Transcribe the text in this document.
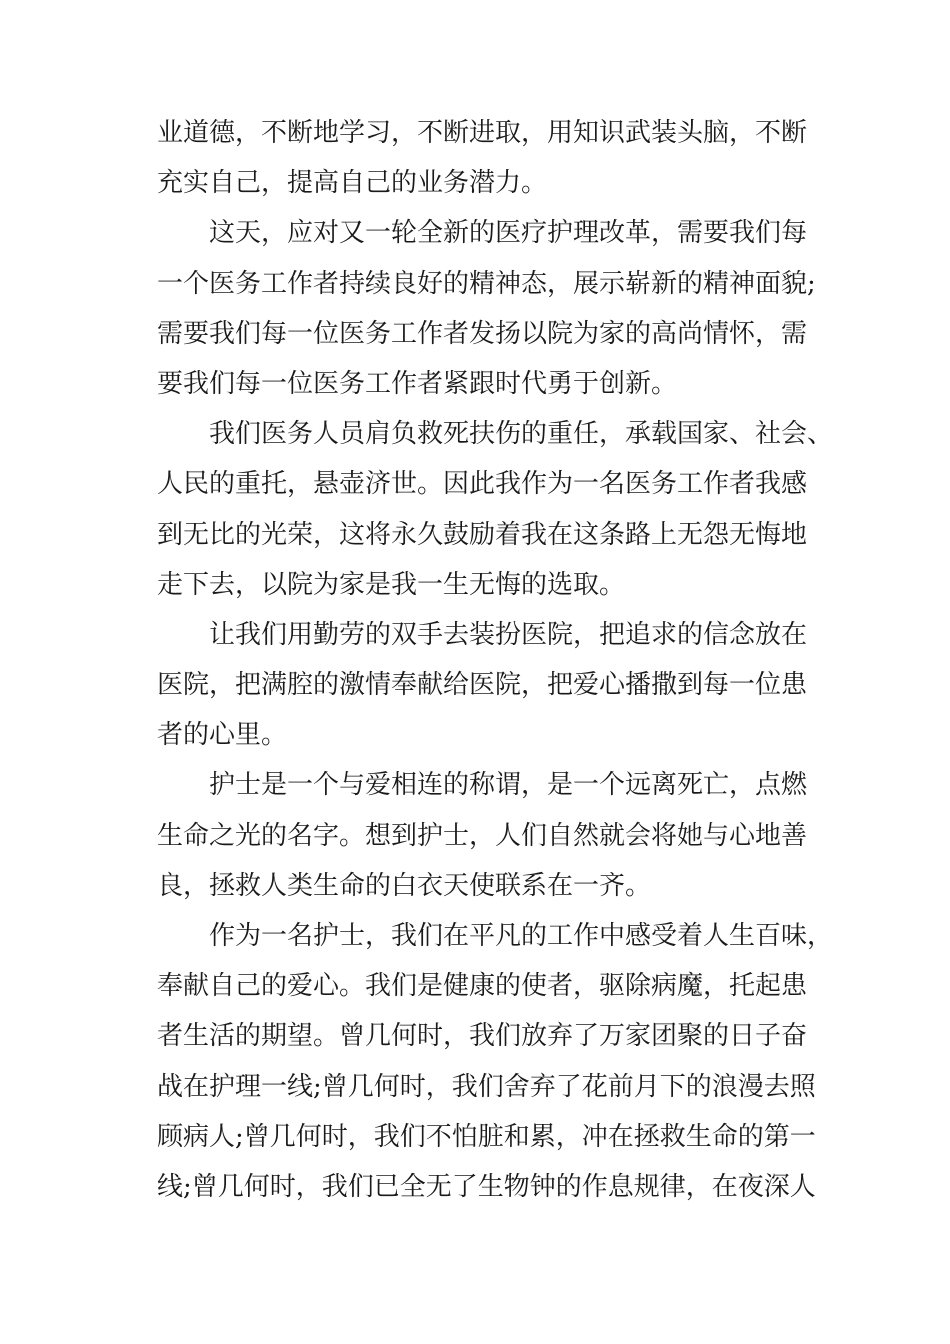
业道德，不断地学习，不断进取，用知识武装头脑，不断
充实自己，提高自己的业务潜力。
这天，应对又一轮全新的医疗护理改革，需要我们每
一个医务工作者持续良好的精神态，展示崭新的精神面貌;
需要我们每一位医务工作者发扬以院为家的高尚情怀，需
要我们每一位医务工作者紧跟时代勇于创新。
我们医务人员肩负救死扶伤的重任，承载国家、社会、
人民的重托，悬壶济世。因此我作为一名医务工作者我感
到无比的光荣，这将永久鼓励着我在这条路上无怨无悔地
走下去，以院为家是我一生无悔的选取。
让我们用勤劳的双手去装扮医院，把追求的信念放在
医院，把满腔的激情奉献给医院，把爱心播撒到每一位患
者的心里。
护士是一个与爱相连的称谓，是一个远离死亡，点燃
生命之光的名字。想到护士，人们自然就会将她与心地善
良，拯救人类生命的白衣天使联系在一齐。
作为一名护士，我们在平凡的工作中感受着人生百味，
奉献自己的爱心。我们是健康的使者，驱除病魔，托起患
者生活的期望。曾几何时，我们放弃了万家团聚的日子奋
战在护理一线;曾几何时，我们舍弃了花前月下的浪漫去照
顾病人;曾几何时，我们不怕脏和累，冲在拯救生命的第一
线;曾几何时，我们已全无了生物钟的作息规律，在夜深人
